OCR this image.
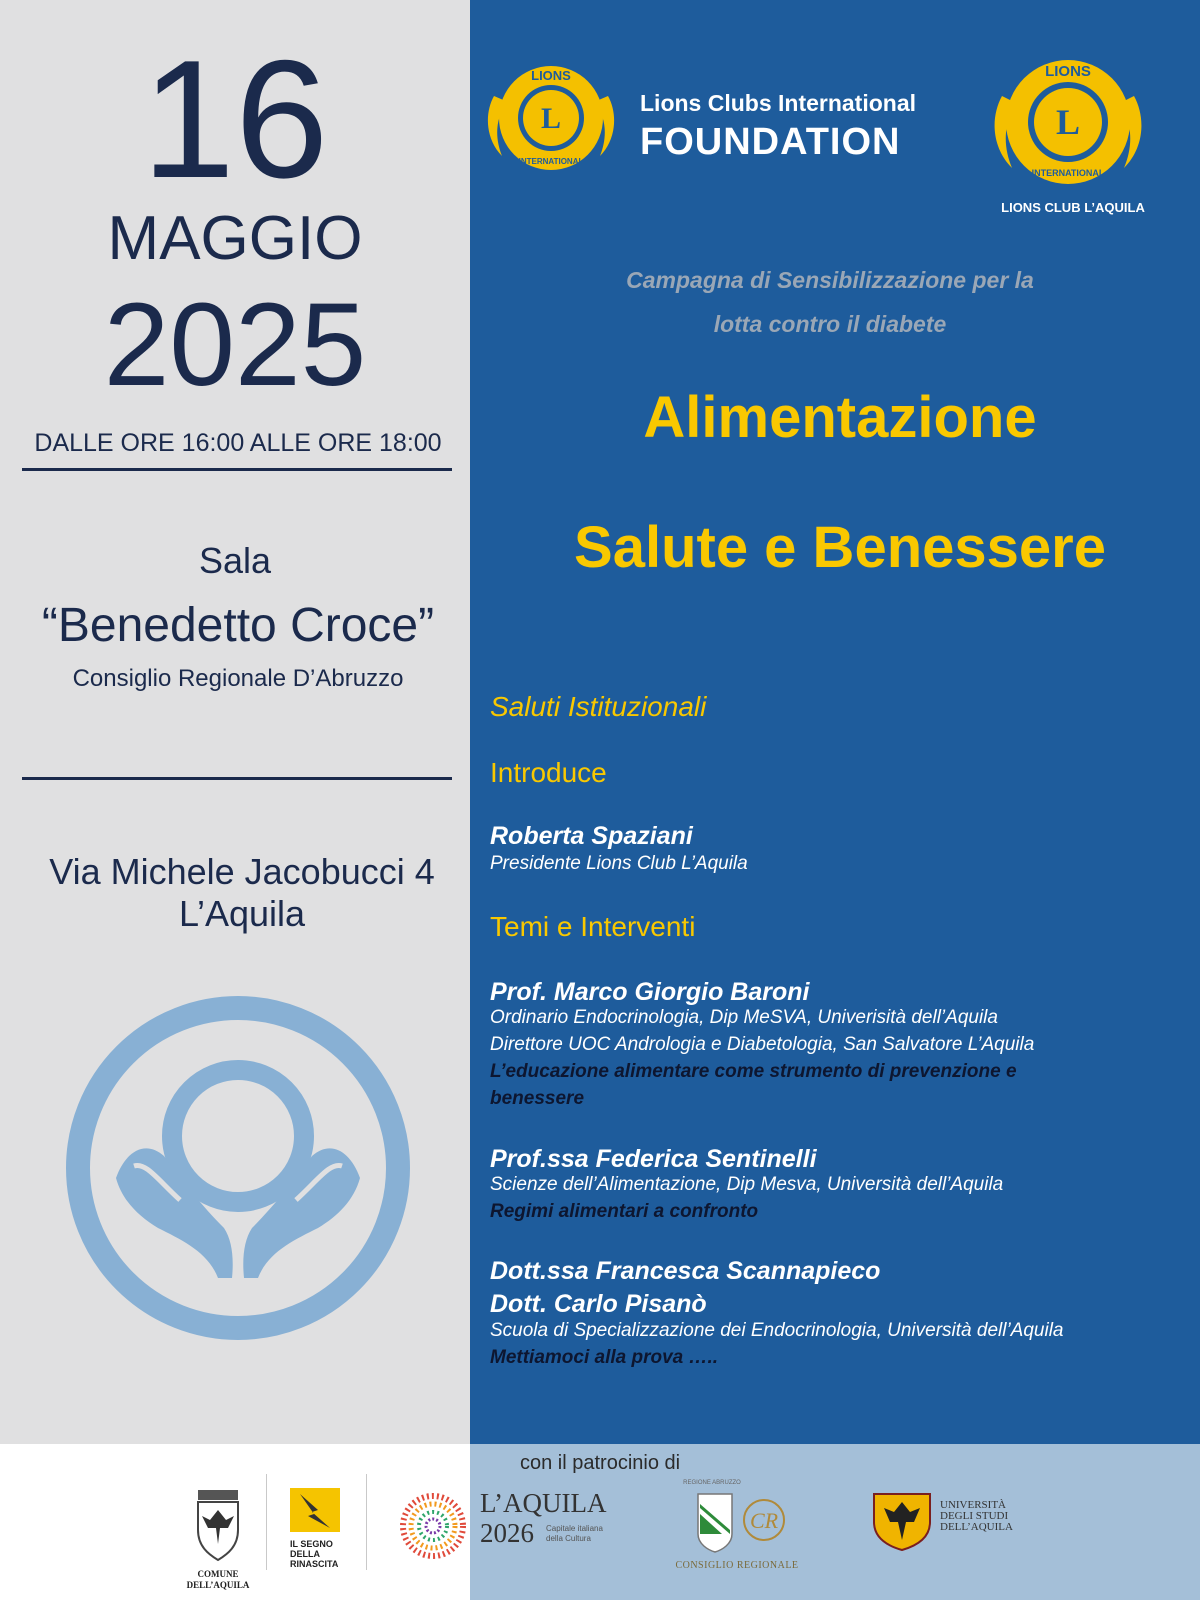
16
MAGGIO
2025
DALLE ORE 16:00 ALLE ORE 18:00
Sala
“Benedetto Croce”
Consiglio Regionale D’Abruzzo
Via Michele Jacobucci 4
L’Aquila
L
LIONS
INTERNATIONAL
Lions Clubs International
FOUNDATION	L
LIONS
INTERNATIONAL
LIONS CLUB L’AQUILA
Campagna di Sensibilizzazione per la
lotta contro il diabete
Alimentazione
Salute e Benessere
Saluti Istituzionali
Introduce
Roberta Spaziani
Presidente Lions Club L’Aquila
Temi e Interventi
Prof. Marco Giorgio Baroni
Ordinario Endocrinologia, Dip MeSVA, Univerisità dell’Aquila
Direttore UOC Andrologia e Diabetologia, San Salvatore L’Aquila
L’educazione alimentare come strumento di prevenzione e
benessere
Prof.ssa Federica Sentinelli
Scienze dell’Alimentazione, Dip Mesva, Università dell’Aquila
Regimi alimentari a confronto
Dott.ssa Francesca Scannapieco
Dott. Carlo Pisanò
Scuola di Specializzazione dei Endocrinologia, Università dell’Aquila
Mettiamoci alla prova …..
con il patrocinio di
COMUNE DELL’AQUILA
IL SEGNO
DELLA
RINASCITA
L’AQUILA
2026 Capitale italiana
della Cultura
REGIONE ABRUZZO
CR
CONSIGLIO REGIONALE
UNIVERSITÀ
DEGLI STUDI
DELL’AQUILA
